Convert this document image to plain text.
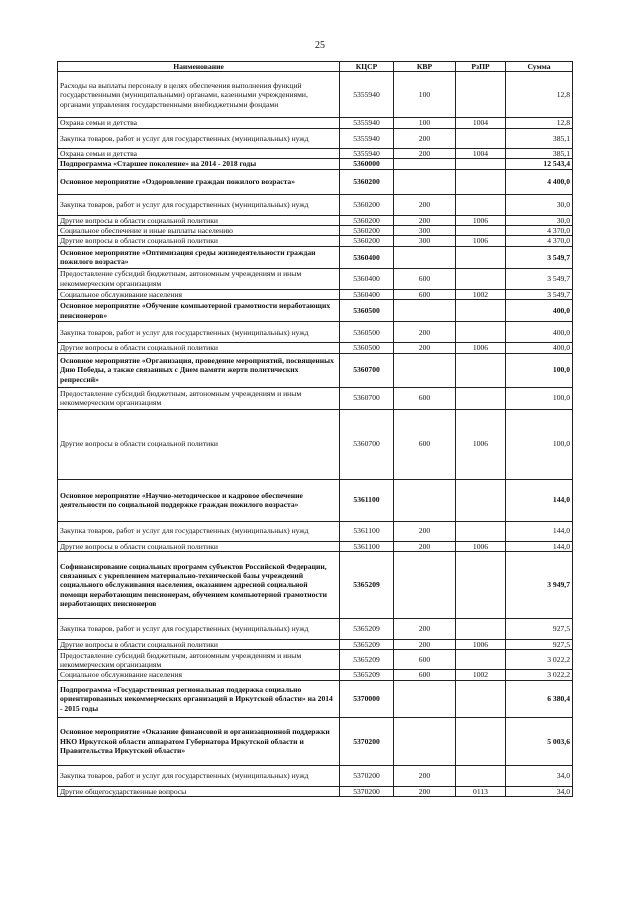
25
Наименование	КЦСР	КВР	РзПР	Сумма
Расходы на выплаты персоналу в целях обеспечения выполнения функций государственными (муниципальными) органами, казенными учреждениями, органами управления государственными внебюджетными фондами	5355940	100		12,8
Охрана семьи и детства	5355940	100	1004	12,8
Закупка товаров, работ и услуг для государственных (муниципальных) нужд	5355940	200		385,1
Охрана семьи и детства	5355940	200	1004	385,1
Подпрограмма «Старшее поколение» на 2014 - 2018 годы	5360000			12 543,4
Основное мероприятие «Оздоровление граждан пожилого возраста»	5360200			4 400,0
Закупка товаров, работ и услуг для государственных (муниципальных) нужд	5360200	200		30,0
Другие вопросы в области социальной политики	5360200	200	1006	30,0
Социальное обеспечение и иные выплаты населению	5360200	300		4 370,0
Другие вопросы в области социальной политики	5360200	300	1006	4 370,0
Основное мероприятие «Оптимизация среды жизнедеятельности граждан пожилого возраста»	5360400			3 549,7
Предоставление субсидий бюджетным, автономным учреждениям и иным некоммерческим организациям	5360400	600		3 549,7
Социальное обслуживание населения	5360400	600	1002	3 549,7
Основное мероприятие «Обучение компьютерной грамотности неработающих пенсионеров»	5360500			400,0
Закупка товаров, работ и услуг для государственных (муниципальных) нужд	5360500	200		400,0
Другие вопросы в области социальной политики	5360500	200	1006	400,0
Основное мероприятие «Организация, проведение мероприятий, посвященных Дню Победы, а также связанных с Днем памяти жертв политических репрессий»	5360700			100,0
Предоставление субсидий бюджетным, автономным учреждениям и иным некоммерческим организациям	5360700	600		100,0
Другие вопросы в области социальной политики	5360700	600	1006	100,0
Основное мероприятие «Научно-методическое и кадровое обеспечение деятельности по социальной поддержке граждан пожилого возраста»	5361100			144,0
Закупка товаров, работ и услуг для государственных (муниципальных) нужд	5361100	200		144,0
Другие вопросы в области социальной политики	5361100	200	1006	144,0
Софинансирование социальных программ субъектов Российской Федерации, связанных с укреплением материально-технической базы учреждений социального обслуживания населения, оказанием адресной социальной помощи неработающим пенсионерам, обучением компьютерной грамотности неработающих пенсионеров	5365209			3 949,7
Закупка товаров, работ и услуг для государственных (муниципальных) нужд	5365209	200		927,5
Другие вопросы в области социальной политики	5365209	200	1006	927,5
Предоставление субсидий бюджетным, автономным учреждениям и иным некоммерческим организациям	5365209	600		3 022,2
Социальное обслуживание населения	5365209	600	1002	3 022,2
Подпрограмма «Государственная региональная поддержка социально ориентированных некоммерческих организаций в Иркутской области» на 2014 - 2015 годы	5370000			6 380,4
Основное мероприятие «Оказание финансовой и организационной поддержки НКО Иркутской области аппаратом Губернатора Иркутской области и Правительства Иркутской области»	5370200			5 003,6
Закупка товаров, работ и услуг для государственных (муниципальных) нужд	5370200	200		34,0
Другие общегосударственные вопросы	5370200	200	0113	34,0
